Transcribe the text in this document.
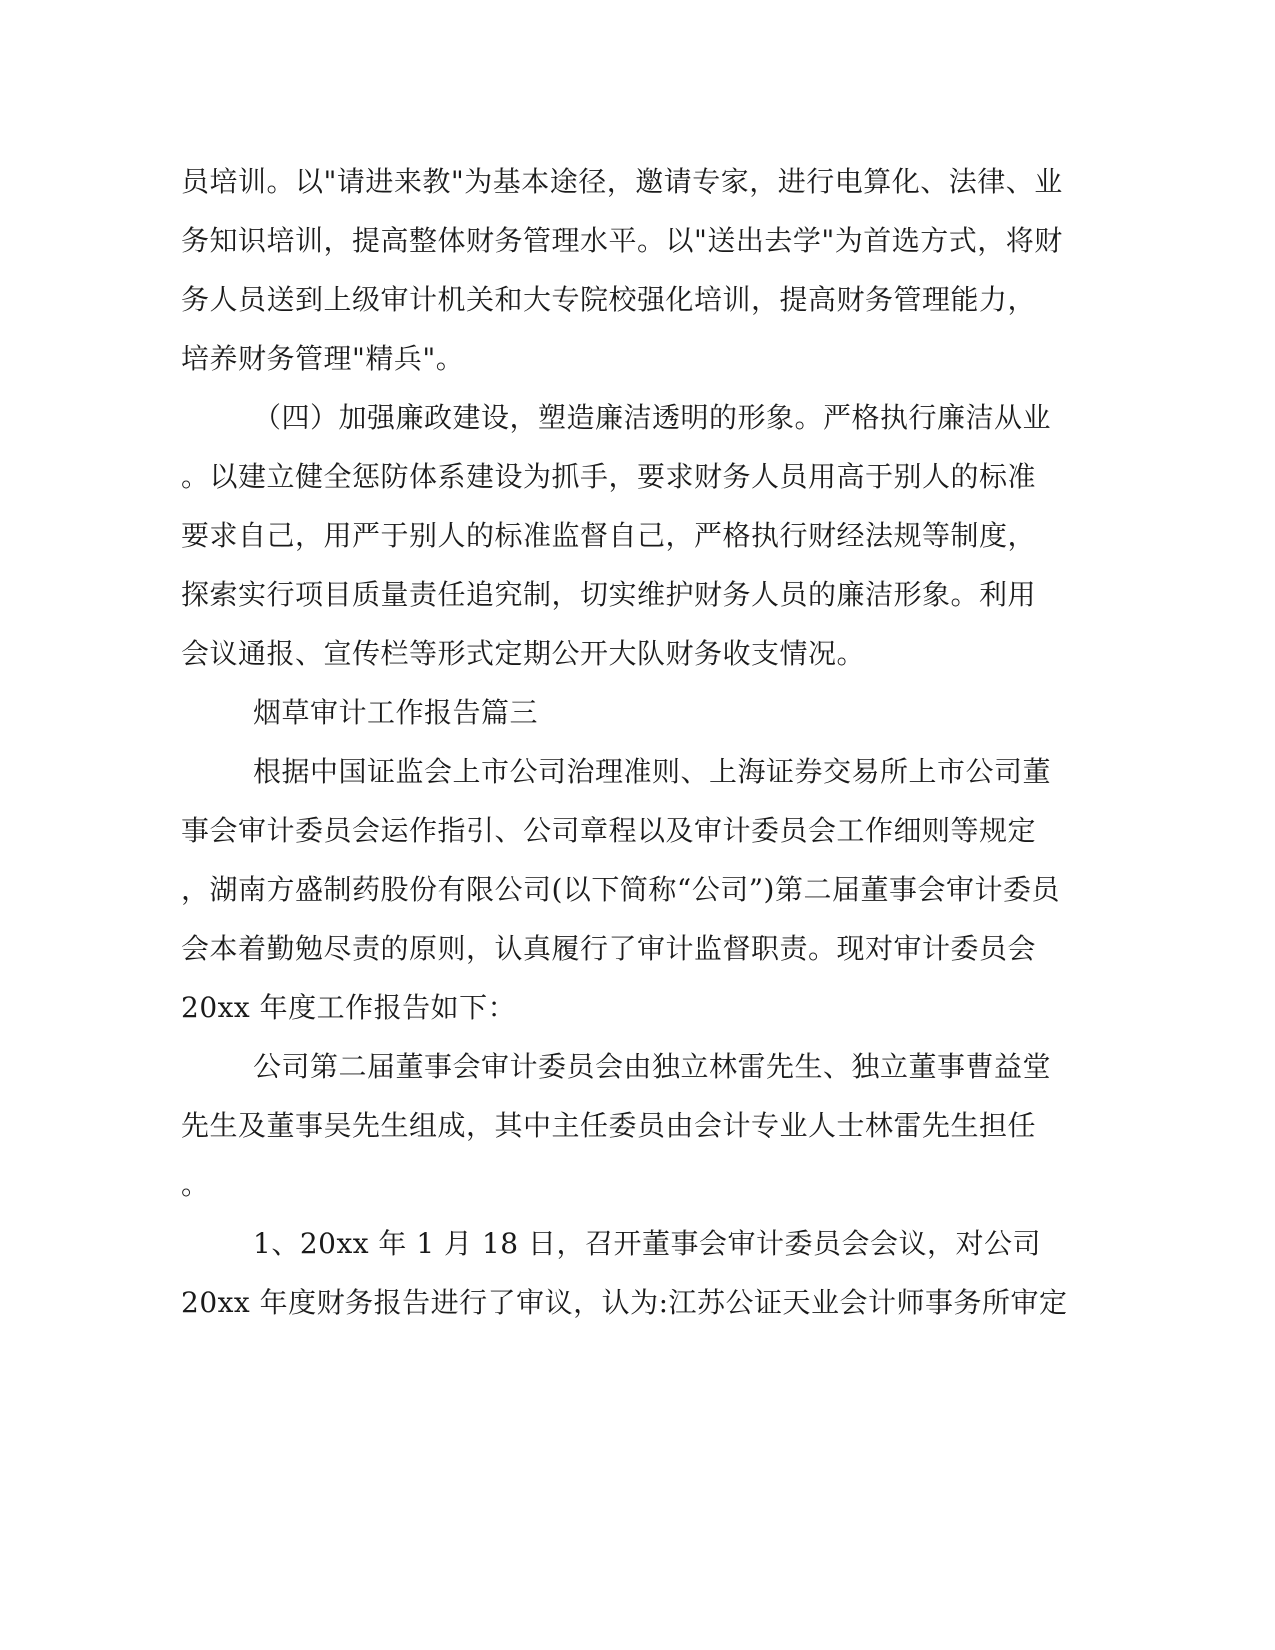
员培训。以"请进来教"为基本途径，邀请专家，进行电算化、法律、业
务知识培训，提高整体财务管理水平。以"送出去学"为首选方式，将财
务人员送到上级审计机关和大专院校强化培训，提高财务管理能力，
培养财务管理"精兵"。
（四）加强廉政建设，塑造廉洁透明的形象。严格执行廉洁从业
。以建立健全惩防体系建设为抓手，要求财务人员用高于别人的标准
要求自己，用严于别人的标准监督自己，严格执行财经法规等制度，
探索实行项目质量责任追究制，切实维护财务人员的廉洁形象。利用
会议通报、宣传栏等形式定期公开大队财务收支情况。
烟草审计工作报告篇三
根据中国证监会上市公司治理准则、上海证券交易所上市公司董
事会审计委员会运作指引、公司章程以及审计委员会工作细则等规定
，湖南方盛制药股份有限公司(以下简称“公司”)第二届董事会审计委员
会本着勤勉尽责的原则，认真履行了审计监督职责。现对审计委员会
20xx 年度工作报告如下：
公司第二届董事会审计委员会由独立林雷先生、独立董事曹益堂
先生及董事吴先生组成，其中主任委员由会计专业人士林雷先生担任
。
1、20xx 年 1 月 18 日，召开董事会审计委员会会议，对公司
20xx 年度财务报告进行了审议，认为:江苏公证天业会计师事务所审定
